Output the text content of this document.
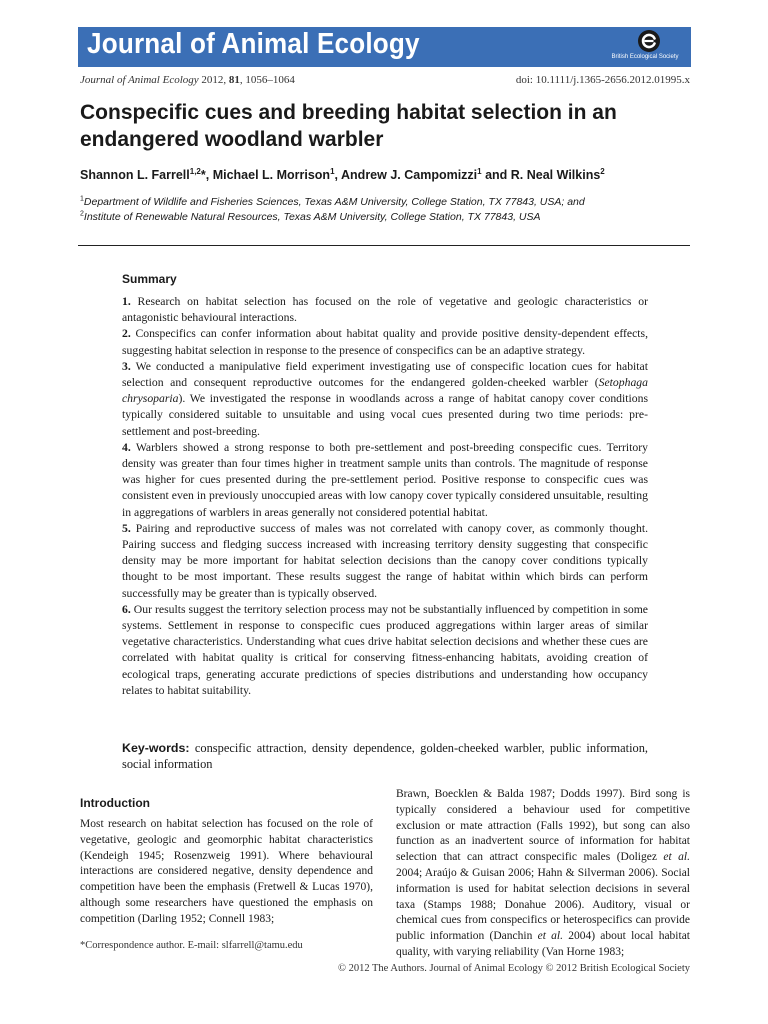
Journal of Animal Ecology	British Ecological Society
Journal of Animal Ecology 2012, 81, 1056–1064	doi: 10.1111/j.1365-2656.2012.01995.x
Conspecific cues and breeding habitat selection in an endangered woodland warbler
Shannon L. Farrell$^{1,2}$*, Michael L. Morrison$^1$, Andrew J. Campomizzi$^1$ and R. Neal Wilkins$^2$
$^1$Department of Wildlife and Fisheries Sciences, Texas A&M University, College Station, TX 77843, USA; and
$^2$Institute of Renewable Natural Resources, Texas A&M University, College Station, TX 77843, USA
Summary

1. Research on habitat selection has focused on the role of vegetative and geologic characteristics or antagonistic behavioural interactions.

2. Conspecifics can confer information about habitat quality and provide positive density-dependent effects, suggesting habitat selection in response to the presence of conspecifics can be an adaptive strategy.

3. We conducted a manipulative field experiment investigating use of conspecific location cues for habitat selection and consequent reproductive outcomes for the endangered golden-cheeked warbler (Setophaga chrysoparia). We investigated the response in woodlands across a range of habitat canopy cover conditions typically considered suitable to unsuitable and using vocal cues presented during two time periods: pre-settlement and post-breeding.

4. Warblers showed a strong response to both pre-settlement and post-breeding conspecific cues. Territory density was greater than four times higher in treatment sample units than controls. The magnitude of response was higher for cues presented during the pre-settlement period. Positive response to conspecific cues was consistent even in previously unoccupied areas with low canopy cover typically considered unsuitable, resulting in aggregations of warblers in areas generally not considered potential habitat.

5. Pairing and reproductive success of males was not correlated with canopy cover, as commonly thought. Pairing success and fledging success increased with increasing territory density suggesting that conspecific density may be more important for habitat selection decisions than the canopy cover conditions typically thought to be most important. These results suggest the range of habitat within which birds can perform successfully may be greater than is typically observed.

6. Our results suggest the territory selection process may not be substantially influenced by competition in some systems. Settlement in response to conspecific cues produced aggregations within larger areas of similar vegetative characteristics. Understanding what cues drive habitat selection decisions and whether these cues are correlated with habitat quality is critical for conserving fitness-enhancing habitats, avoiding creation of ecological traps, generating accurate predictions of species distributions and understanding how occupancy relates to habitat suitability.

Key-words: conspecific attraction, density dependence, golden-cheeked warbler, public information, social information

Introduction

Most research on habitat selection has focused on the role of vegetative, geologic and geomorphic habitat characteristics (Kendeigh 1945; Rosenzweig 1991). Where behavioural interactions are considered negative, density dependence and competition have been the emphasis (Fretwell & Lucas 1970), although some researchers have questioned the emphasis on competition (Darling 1952; Connell 1983;

Brawn, Boecklen & Balda 1987; Dodds 1997). Bird song is typically considered a behaviour used for competitive exclusion or mate attraction (Falls 1992), but song can also function as an inadvertent source of information for habitat selection that can attract conspecific males (Doligez et al. 2004; Araújo & Guisan 2006; Hahn & Silverman 2006). Social information is used for habitat selection decisions in several taxa (Stamps 1988; Donahue 2006). Auditory, visual or chemical cues from conspecifics or heterospecifics can provide public information (Danchin et al. 2004) about local habitat quality, with varying reliability (Van Horne 1983;

*Correspondence author. E-mail: slfarrell@tamu.edu
© 2012 The Authors. Journal of Animal Ecology © 2012 British Ecological Society
